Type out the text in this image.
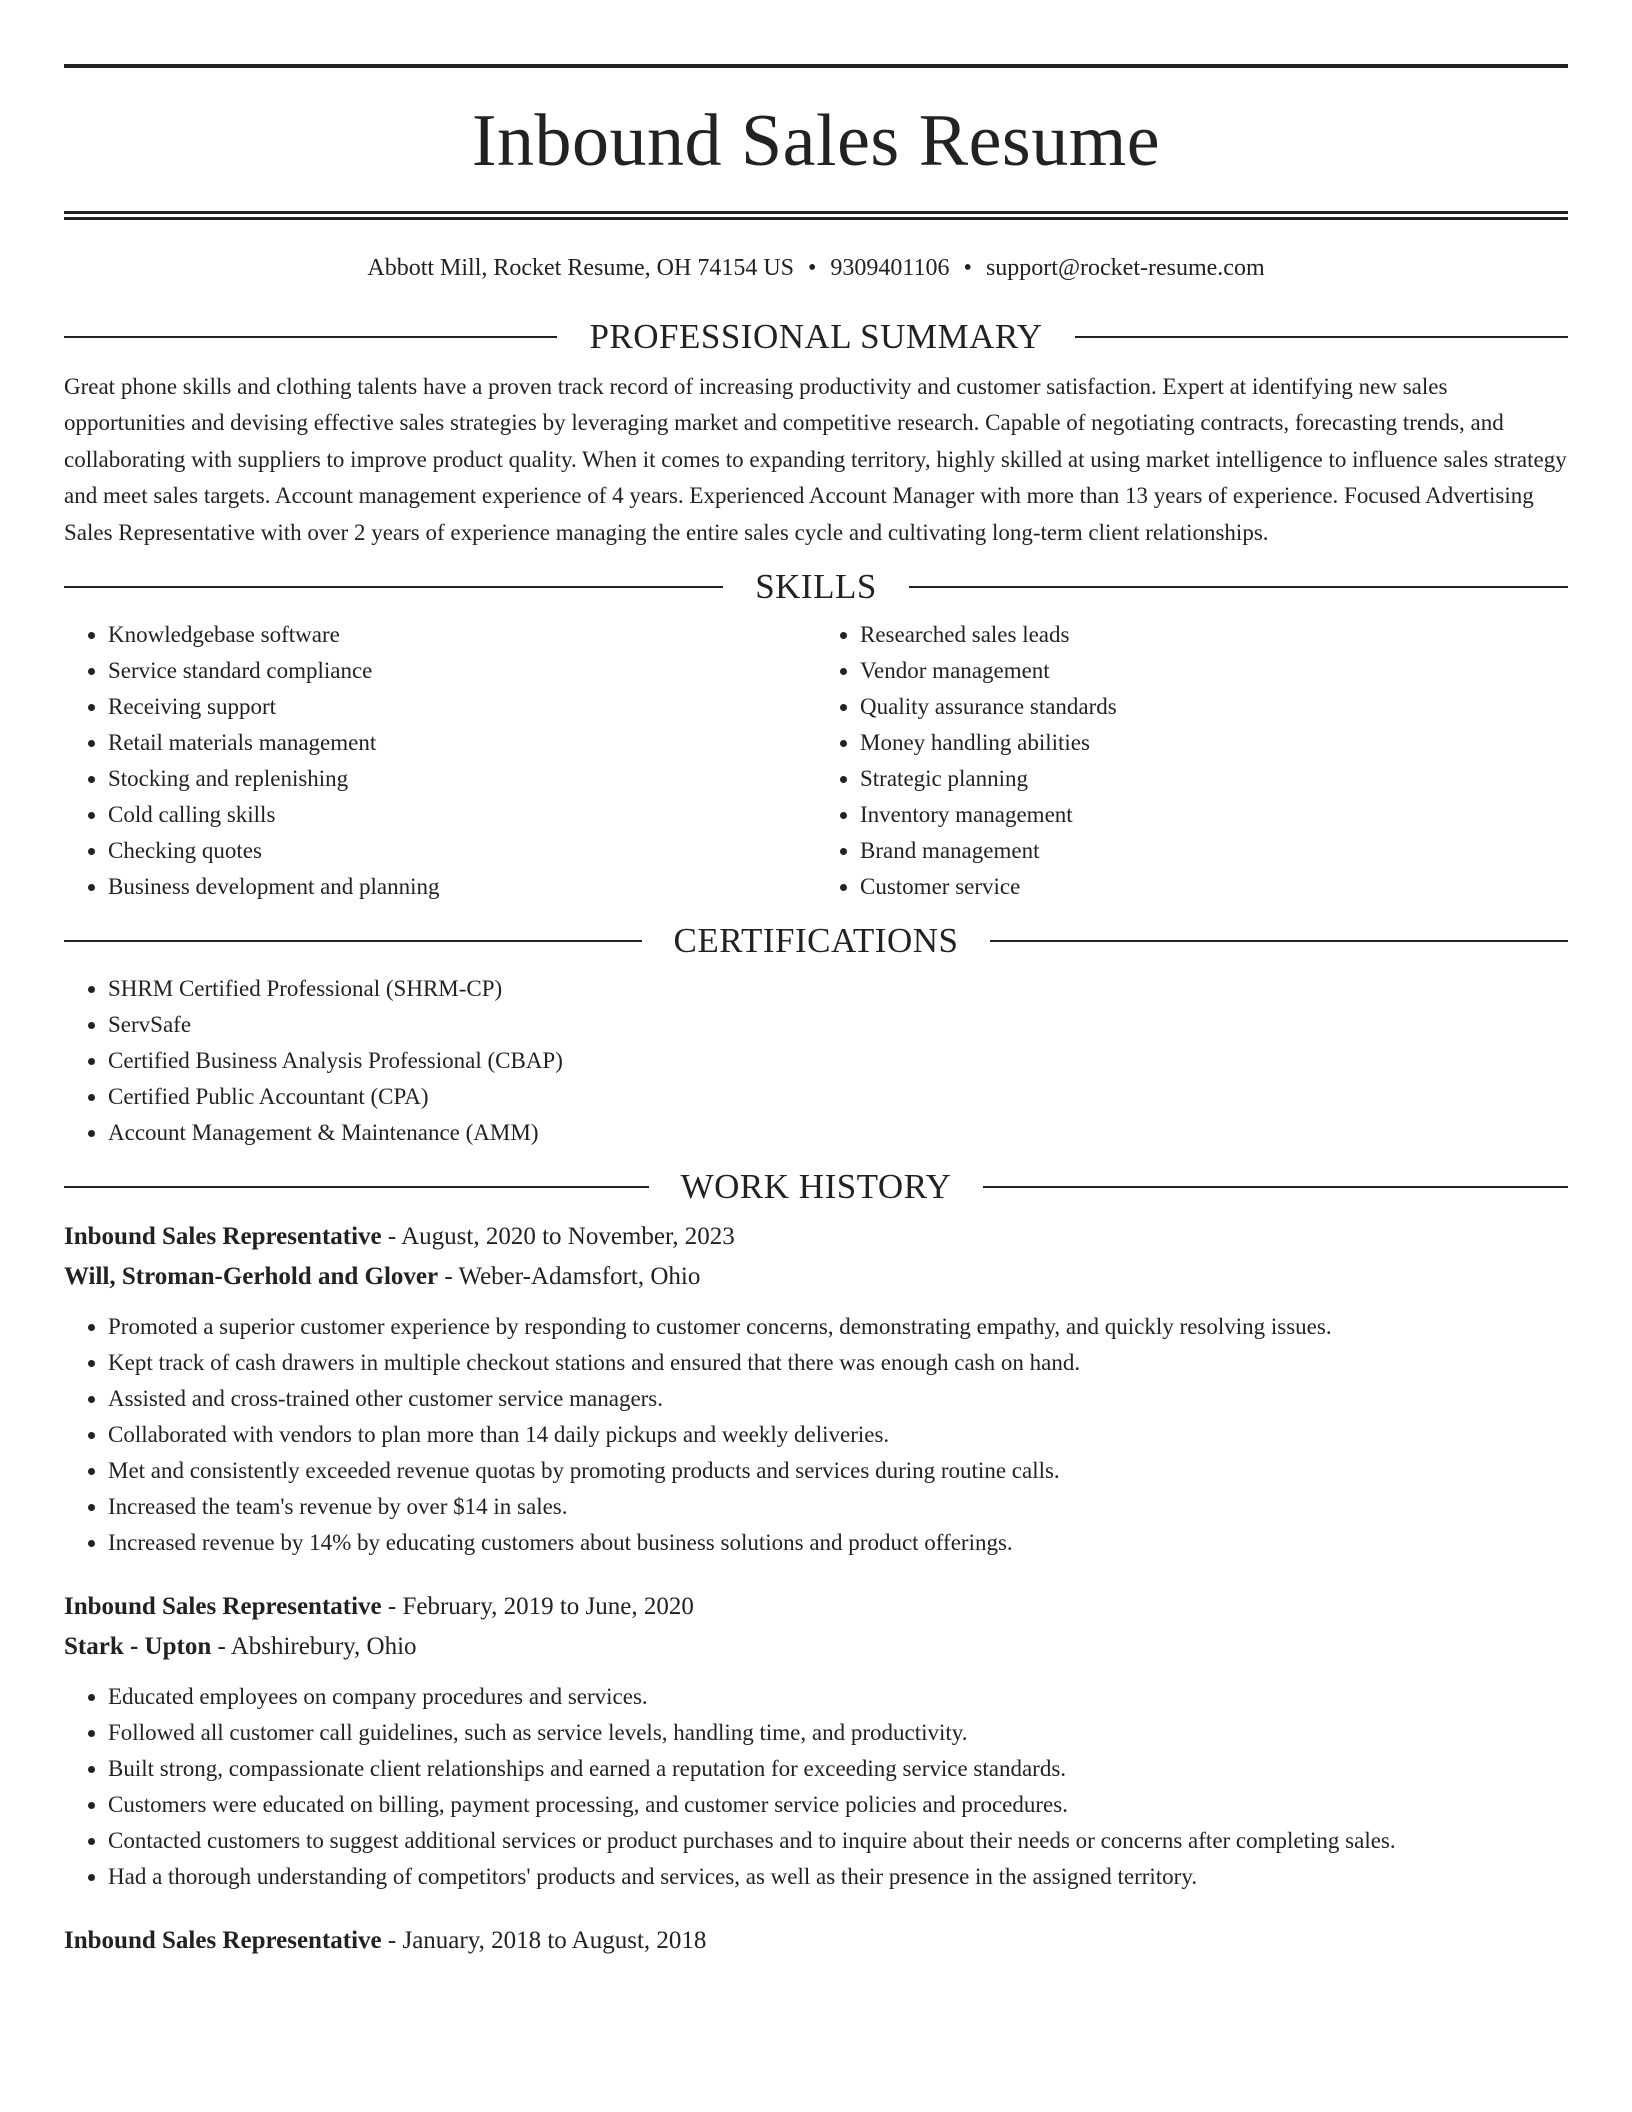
Inbound Sales Resume
Abbott Mill, Rocket Resume, OH 74154 US • 9309401106 • support@rocket-resume.com
PROFESSIONAL SUMMARY

Great phone skills and clothing talents have a proven track record of increasing productivity and customer satisfaction. Expert at identifying new sales opportunities and devising effective sales strategies by leveraging market and competitive research. Capable of negotiating contracts, forecasting trends, and collaborating with suppliers to improve product quality. When it comes to expanding territory, highly skilled at using market intelligence to influence sales strategy and meet sales targets. Account management experience of 4 years. Experienced Account Manager with more than 13 years of experience. Focused Advertising Sales Representative with over 2 years of experience managing the entire sales cycle and cultivating long-term client relationships.

SKILLS
• Knowledgebase software
• Service standard compliance
• Receiving support
• Retail materials management
• Stocking and replenishing
• Cold calling skills
• Checking quotes
• Business development and planning
• Researched sales leads
• Vendor management
• Quality assurance standards
• Money handling abilities
• Strategic planning
• Inventory management
• Brand management
• Customer service
CERTIFICATIONS
• SHRM Certified Professional (SHRM-CP)
• ServSafe
• Certified Business Analysis Professional (CBAP)
• Certified Public Accountant (CPA)
• Account Management & Maintenance (AMM)
WORK HISTORY
Inbound Sales Representative - August, 2020 to November, 2023
Will, Stroman-Gerhold and Glover - Weber-Adamsfort, Ohio
• Promoted a superior customer experience by responding to customer concerns, demonstrating empathy, and quickly resolving issues.
• Kept track of cash drawers in multiple checkout stations and ensured that there was enough cash on hand.
• Assisted and cross-trained other customer service managers.
• Collaborated with vendors to plan more than 14 daily pickups and weekly deliveries.
• Met and consistently exceeded revenue quotas by promoting products and services during routine calls.
• Increased the team's revenue by over $14 in sales.
• Increased revenue by 14% by educating customers about business solutions and product offerings.
Inbound Sales Representative - February, 2019 to June, 2020
Stark - Upton - Abshirebury, Ohio
• Educated employees on company procedures and services.
• Followed all customer call guidelines, such as service levels, handling time, and productivity.
• Built strong, compassionate client relationships and earned a reputation for exceeding service standards.
• Customers were educated on billing, payment processing, and customer service policies and procedures.
• Contacted customers to suggest additional services or product purchases and to inquire about their needs or concerns after completing sales.
• Had a thorough understanding of competitors' products and services, as well as their presence in the assigned territory.
Inbound Sales Representative - January, 2018 to August, 2018
